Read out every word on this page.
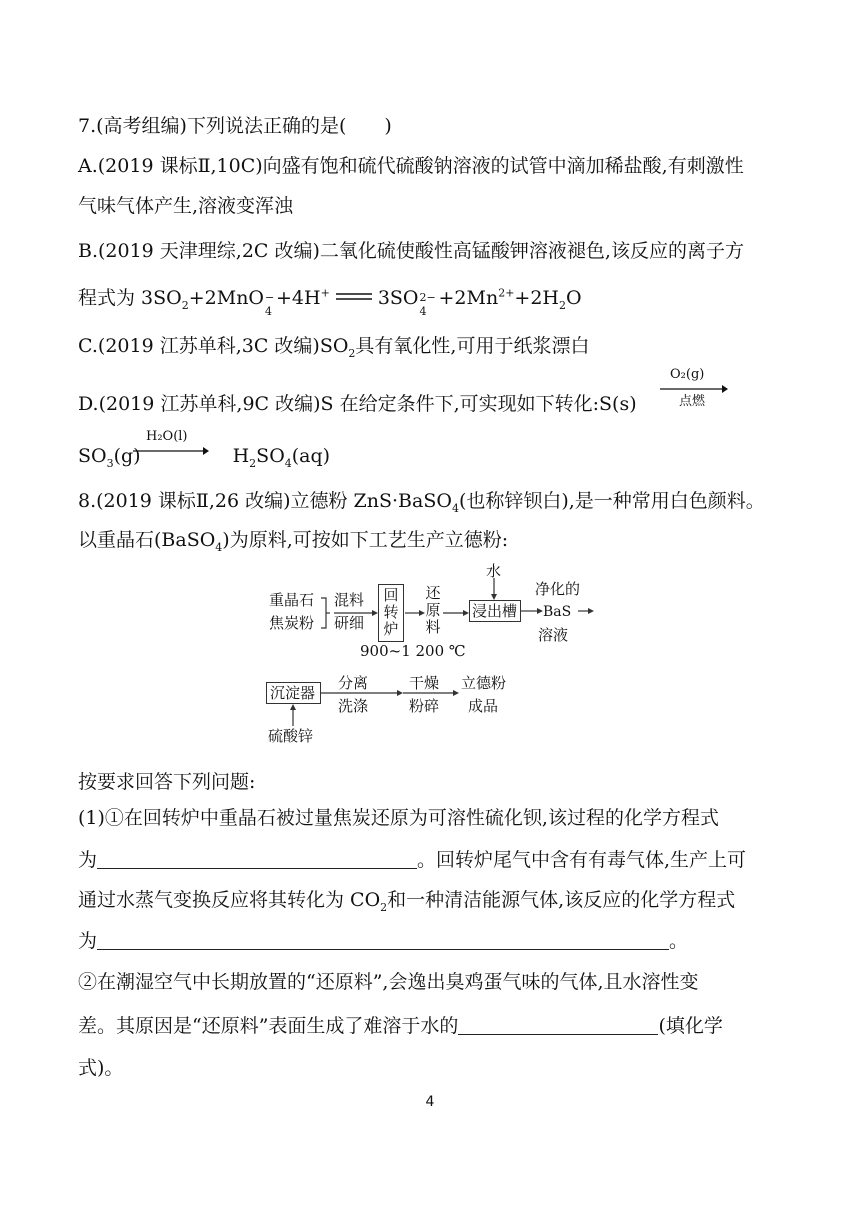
7.(高考组编)下列说法正确的是(　　)
A.(2019 课标Ⅱ,10C)向盛有饱和硫代硫酸钠溶液的试管中滴加稀盐酸,有刺激性
气味气体产生,溶液变浑浊
B.(2019 天津理综,2C 改编)二氧化硫使酸性高锰酸钾溶液褪色,该反应的离子方
程式为 $3SO_2+2MnO$ −
4
+4H+	3SO 2−
4
$+2Mn^{2+}+2H_2O$
C.(2019 江苏单科,3C 改编)$SO_2$具有氧化性,可用于纸浆漂白
D.(2019 江苏单科,9C 改编)S 在给定条件下,可实现如下转化:S(s)
O₂(g)
点燃
$SO_3(g)$	$H_2SO_4(aq)$
H₂O(l)
8.(2019 课标Ⅱ,26 改编)立德粉 ZnS·BaSO$_4$(也称锌钡白),是一种常用白色颜料。
以重晶石(BaSO$_4$)为原料,可按如下工艺生产立德粉:
重晶石
焦炭粉
混料
研细
回
转
炉
900~1 200 ℃
还
原
料
水
浸出槽
净化的
BaS
溶液
沉淀器
硫酸锌
分离
洗涤
干燥
粉碎
立德粉
成品
按要求回答下列问题:
(1)①在回转炉中重晶石被过量焦炭还原为可溶性硫化钡,该过程的化学方程式
为	。回转炉尾气中含有有毒气体,生产上可
通过水蒸气变换反应将其转化为 $CO_2$和一种清洁能源气体,该反应的化学方程式
为	。
②在潮湿空气中长期放置的“还原料”,会逸出臭鸡蛋气味的气体,且水溶性变
差。其原因是“还原料”表面生成了难溶于水的	(填化学
式)。
4
